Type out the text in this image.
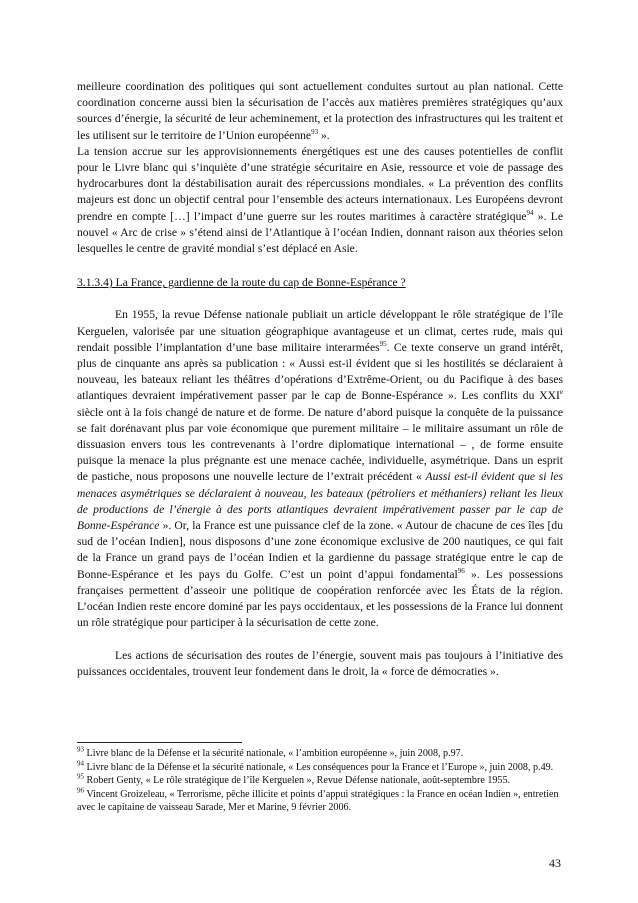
meilleure coordination des politiques qui sont actuellement conduites surtout au plan national. Cette coordination concerne aussi bien la sécurisation de l’accès aux matières premières stratégiques qu’aux sources d’énergie, la sécurité de leur acheminement, et la protection des infrastructures qui les traitent et les utilisent sur le territoire de l’Union européenne$^{93}$ ».

La tension accrue sur les approvisionnements énergétiques est une des causes potentielles de conflit pour le Livre blanc qui s’inquiète d’une stratégie sécuritaire en Asie, ressource et voie de passage des hydrocarbures dont la déstabilisation aurait des répercussions mondiales. « La prévention des conflits majeurs est donc un objectif central pour l’ensemble des acteurs internationaux. Les Européens devront prendre en compte […] l’impact d’une guerre sur les routes maritimes à caractère stratégique$^{94}$ ». Le nouvel « Arc de crise » s’étend ainsi de l’Atlantique à l’océan Indien, donnant raison aux théories selon lesquelles le centre de gravité mondial s’est déplacé en Asie.

3.1.3.4) La France, gardienne de la route du cap de Bonne-Espérance ?

En 1955, la revue Défense nationale publiait un article développant le rôle stratégique de l’île Kerguelen, valorisée par une situation géographique avantageuse et un climat, certes rude, mais qui rendait possible l’implantation d’une base militaire interarmées$^{95}$. Ce texte conserve un grand intérêt, plus de cinquante ans après sa publication : « Aussi est-il évident que si les hostilités se déclaraient à nouveau, les bateaux reliant les théâtres d’opérations d’Extrême-Orient, ou du Pacifique à des bases atlantiques devraient impérativement passer par le cap de Bonne-Espérance ». Les conflits du XXIe siècle ont à la fois changé de nature et de forme. De nature d’abord puisque la conquête de la puissance se fait dorénavant plus par voie économique que purement militaire – le militaire assumant un rôle de dissuasion envers tous les contrevenants à l’ordre diplomatique international – , de forme ensuite puisque la menace la plus prégnante est une menace cachée, individuelle, asymétrique. Dans un esprit de pastiche, nous proposons une nouvelle lecture de l’extrait précédent « Aussi est-il évident que si les menaces asymétriques se déclaraient à nouveau, les bateaux (pétroliers et méthaniers) reliant les lieux de productions de l’énergie à des ports atlantiques devraient impérativement passer par le cap de Bonne-Espérance ». Or, la France est une puissance clef de la zone. « Autour de chacune de ces îles [du sud de l’océan Indien], nous disposons d’une zone économique exclusive de 200 nautiques, ce qui fait de la France un grand pays de l’océan Indien et la gardienne du passage stratégique entre le cap de Bonne-Espérance et les pays du Golfe. C’est un point d’appui fondamental$^{96}$ ». Les possessions françaises permettent d’asseoir une politique de coopération renforcée avec les États de la région. L’océan Indien reste encore dominé par les pays occidentaux, et les possessions de la France lui donnent un rôle stratégique pour participer à la sécurisation de cette zone.

Les actions de sécurisation des routes de l’énergie, souvent mais pas toujours à l’initiative des puissances occidentales, trouvent leur fondement dans le droit, la « force de démocraties ».

$^{93}$ Livre blanc de la Défense et la sécurité nationale, « l’ambition européenne », juin 2008, p.97.

$^{94}$ Livre blanc de la Défense et la sécurité nationale, « Les conséquences pour la France et l’Europe », juin 2008, p.49.

$^{95}$ Robert Genty, « Le rôle stratégique de l’île Kerguelen », Revue Défense nationale, août-septembre 1955.

$^{96}$ Vincent Groizeleau, « Terrorisme, pêche illicite et points d’appui stratégiques : la France en océan Indien », entretien avec le capitaine de vaisseau Sarade, Mer et Marine, 9 février 2006.

43
